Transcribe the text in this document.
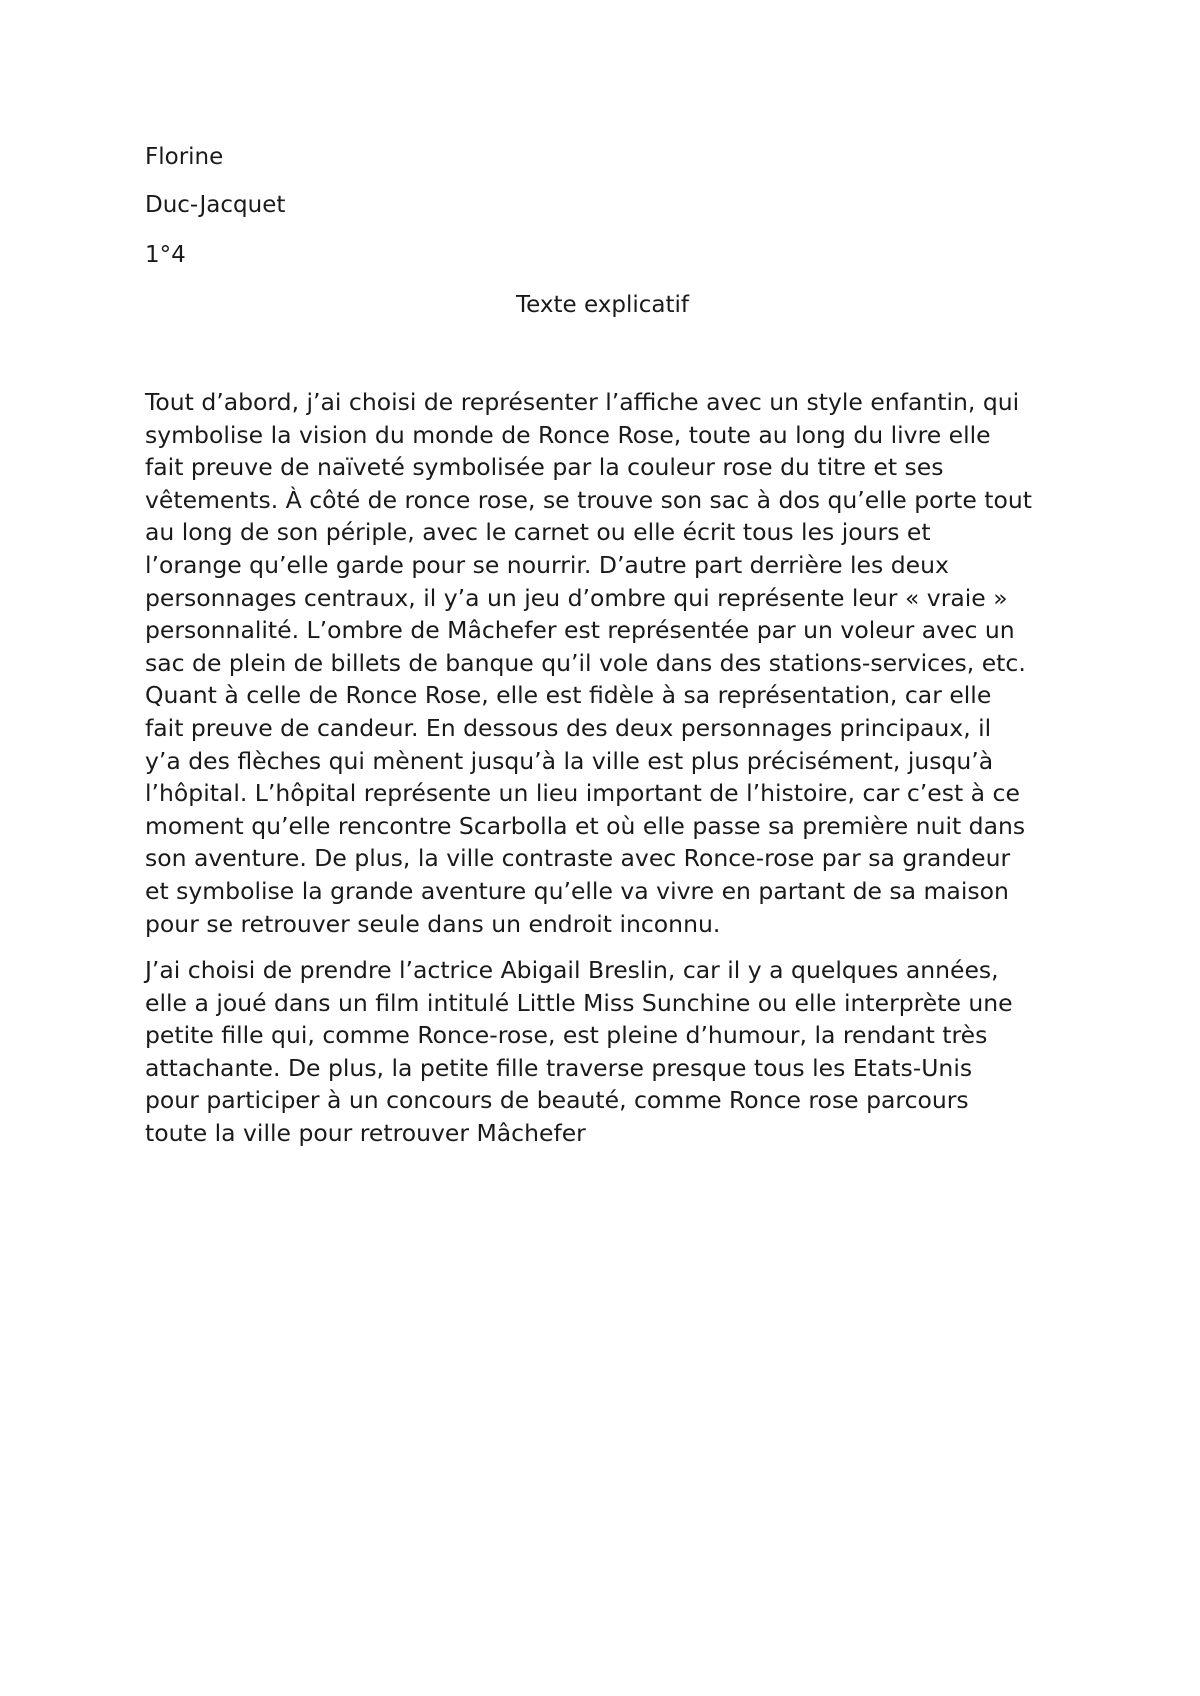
Florine
Duc-Jacquet
1°4
Texte explicatif

Tout d’abord, j’ai choisi de représenter l’affiche avec un style enfantin, qui
symbolise la vision du monde de Ronce Rose, toute au long du livre elle
fait preuve de naïveté symbolisée par la couleur rose du titre et ses
vêtements. À côté de ronce rose, se trouve son sac à dos qu’elle porte tout
au long de son périple, avec le carnet ou elle écrit tous les jours et
l’orange qu’elle garde pour se nourrir. D’autre part derrière les deux
personnages centraux, il y’a un jeu d’ombre qui représente leur « vraie »
personnalité. L’ombre de Mâchefer est représentée par un voleur avec un
sac de plein de billets de banque qu’il vole dans des stations-services, etc.
Quant à celle de Ronce Rose, elle est fidèle à sa représentation, car elle
fait preuve de candeur. En dessous des deux personnages principaux, il
y’a des flèches qui mènent jusqu’à la ville est plus précisément, jusqu’à
l’hôpital. L’hôpital représente un lieu important de l’histoire, car c’est à ce
moment qu’elle rencontre Scarbolla et où elle passe sa première nuit dans
son aventure. De plus, la ville contraste avec Ronce-rose par sa grandeur
et symbolise la grande aventure qu’elle va vivre en partant de sa maison
pour se retrouver seule dans un endroit inconnu.

J’ai choisi de prendre l’actrice Abigail Breslin, car il y a quelques années,
elle a joué dans un film intitulé Little Miss Sunchine ou elle interprète une
petite fille qui, comme Ronce-rose, est pleine d’humour, la rendant très
attachante. De plus, la petite fille traverse presque tous les Etats-Unis
pour participer à un concours de beauté, comme Ronce rose parcours
toute la ville pour retrouver Mâchefer
